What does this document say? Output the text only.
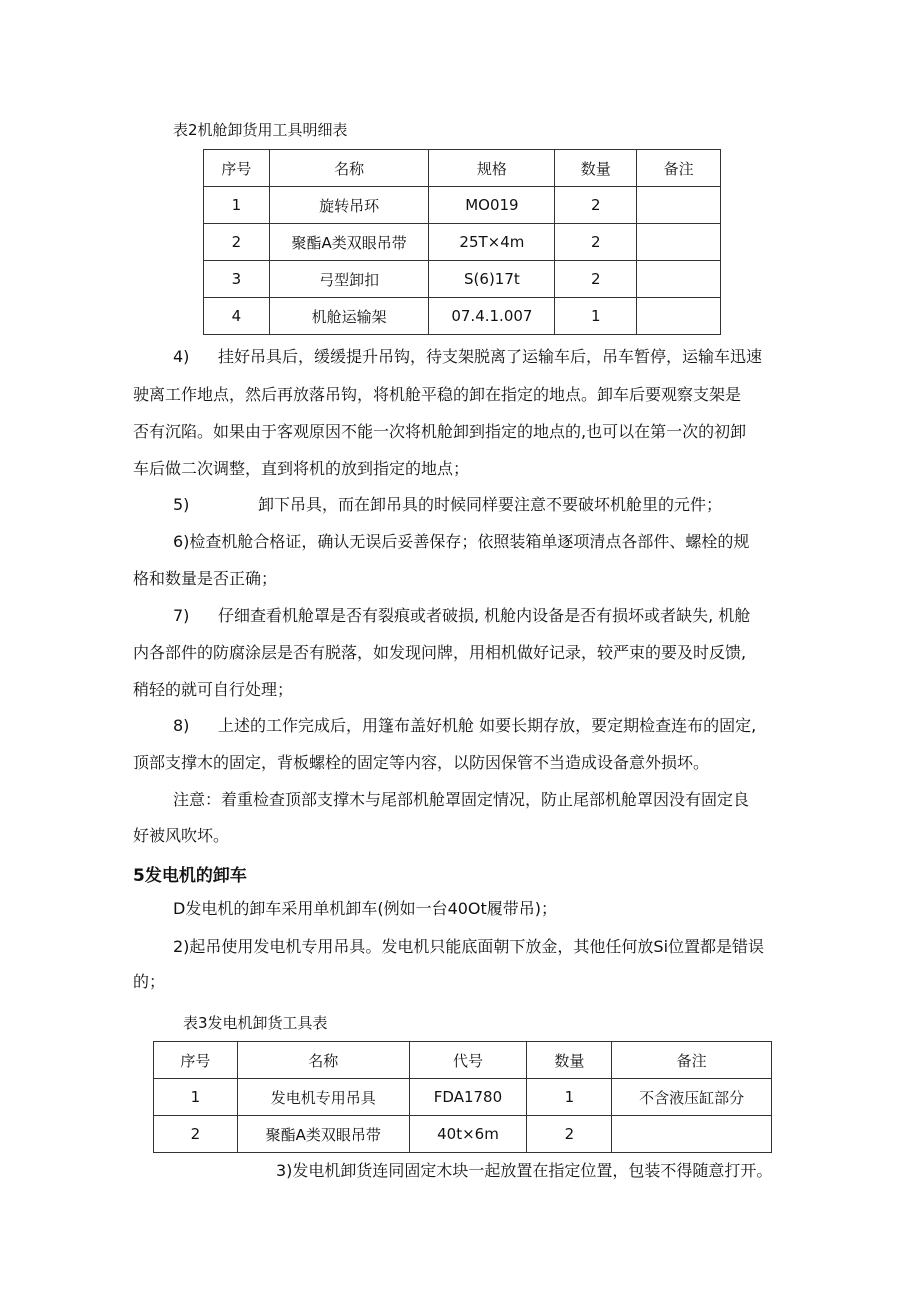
表2机舱卸货用工具明细表
序号	名称	规格	数量	备注
1	旋转吊环	MO019	2	
2	聚酯A类双眼吊带	25T×4m	2	
3	弓型卸扣	S(6)17t	2	
4	机舱运输架	07.4.1.007	1	
4) 挂好吊具后，缓缓提升吊钩，待支架脱离了运输车后，吊车暂停，运输车迅速
驶离工作地点，然后再放落吊钩，将机舱平稳的卸在指定的地点。卸车后要观察支架是
否有沉陷。如果由于客观原因不能一次将机舱卸到指定的地点的,也可以在第一次的初卸
车后做二次调整，直到将机的放到指定的地点；
5)	卸下吊具，而在卸吊具的时候同样要注意不要破坏机舱里的元件；
6)检查机舱合格证，确认无误后妥善保存；依照装箱单逐项清点各部件、螺栓的规
格和数量是否正确；
7) 仔细查看机舱罩是否有裂痕或者破损, 机舱内设备是否有损坏或者缺失, 机舱
内各部件的防腐涂层是否有脱落，如发现问牌，用相机做好记录，较严束的要及时反馈,
稍轻的就可自行处理；
8) 上述的工作完成后，用篷布盖好机舱 如要长期存放，要定期检查连布的固定,
顶部支撑木的固定，背板螺栓的固定等内容，以防因保管不当造成设备意外损坏。
注意：着重检查顶部支撑木与尾部机舱罩固定情况，防止尾部机舱罩因没有固定良
好被风吹坏。
5发电机的卸车
D发电机的卸车采用单机卸车(例如一台40Ot履带吊)；
2)起吊使用发电机专用吊具。发电机只能底面朝下放金，其他任何放Si位置都是错误
的；
表3发电机卸货工具表
序号	名称	代号	数量	备注
1	发电机专用吊具	FDA1780	1	不含液压缸部分
2	聚酯A类双眼吊带	40t×6m	2	
3)发电机卸货连同固定木块一起放置在指定位置，包装不得随意打开。
